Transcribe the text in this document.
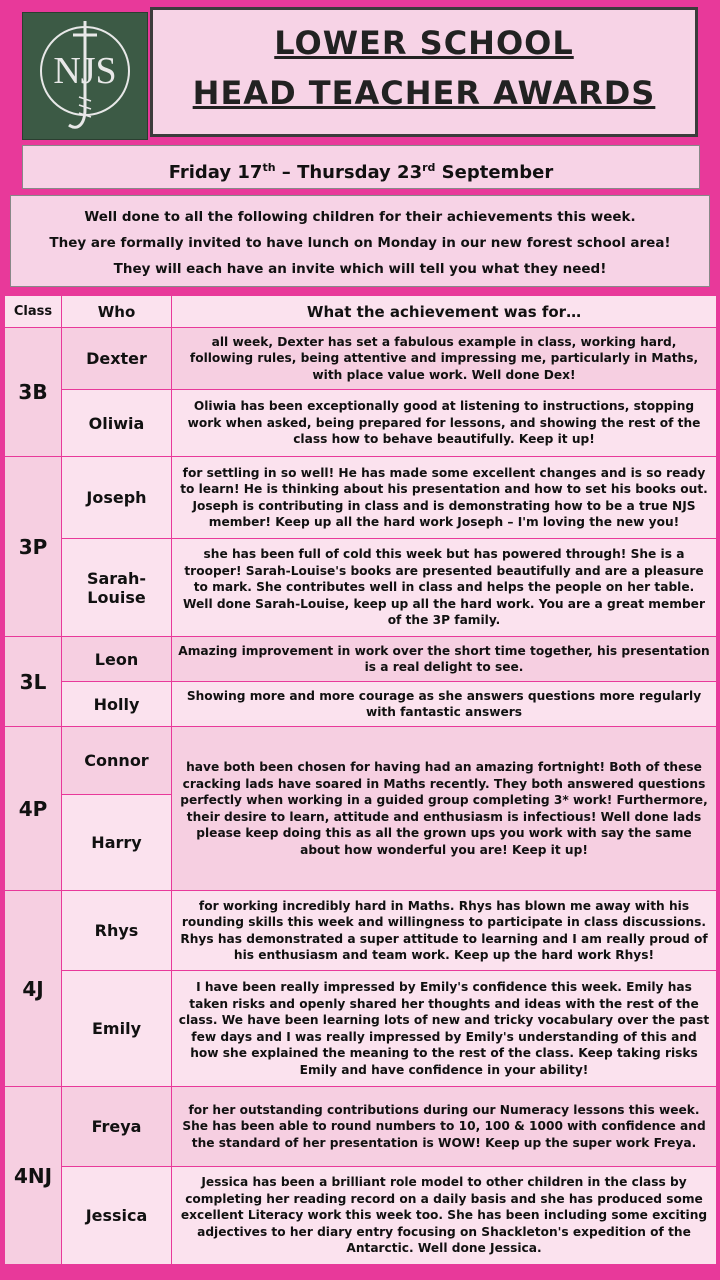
NJS
LOWER SCHOOL
HEAD TEACHER AWARDS
Friday 17th – Thursday 23rd September
Well done to all the following children for their achievements this week.
They are formally invited to have lunch on Monday in our new forest school area!
They will each have an invite which will tell you what they need!
Class	Who	What the achievement was for…
3B	Dexter	all week, Dexter has set a fabulous example in class, working hard, following rules, being attentive and impressing me, particularly in Maths, with place value work. Well done Dex!
	Oliwia	Oliwia has been exceptionally good at listening to instructions, stopping work when asked, being prepared for lessons, and showing the rest of the class how to behave beautifully. Keep it up!
3P	Joseph	for settling in so well! He has made some excellent changes and is so ready to learn! He is thinking about his presentation and how to set his books out. Joseph is contributing in class and is demonstrating how to be a true NJS member! Keep up all the hard work Joseph – I'm loving the new you!
	Sarah-Louise	she has been full of cold this week but has powered through! She is a trooper! Sarah-Louise's books are presented beautifully and are a pleasure to mark. She contributes well in class and helps the people on her table. Well done Sarah-Louise, keep up all the hard work. You are a great member of the 3P family.
3L	Leon	Amazing improvement in work over the short time together, his presentation is a real delight to see.
	Holly	Showing more and more courage as she answers questions more regularly with fantastic answers
4P	Connor	have both been chosen for having had an amazing fortnight! Both of these cracking lads have soared in Maths recently. They both answered questions perfectly when working in a guided group completing 3* work! Furthermore, their desire to learn, attitude and enthusiasm is infectious! Well done lads please keep doing this as all the grown ups you work with say the same about how wonderful you are! Keep it up!
	Harry	
4J	Rhys	for working incredibly hard in Maths. Rhys has blown me away with his rounding skills this week and willingness to participate in class discussions. Rhys has demonstrated a super attitude to learning and I am really proud of his enthusiasm and team work. Keep up the hard work Rhys!
	Emily	I have been really impressed by Emily's confidence this week. Emily has taken risks and openly shared her thoughts and ideas with the rest of the class. We have been learning lots of new and tricky vocabulary over the past few days and I was really impressed by Emily's understanding of this and how she explained the meaning to the rest of the class. Keep taking risks Emily and have confidence in your ability!
4NJ	Freya	for her outstanding contributions during our Numeracy lessons this week. She has been able to round numbers to 10, 100 & 1000 with confidence and the standard of her presentation is WOW! Keep up the super work Freya.
	Jessica	Jessica has been a brilliant role model to other children in the class by completing her reading record on a daily basis and she has produced some excellent Literacy work this week too. She has been including some exciting adjectives to her diary entry focusing on Shackleton's expedition of the Antarctic. Well done Jessica.
